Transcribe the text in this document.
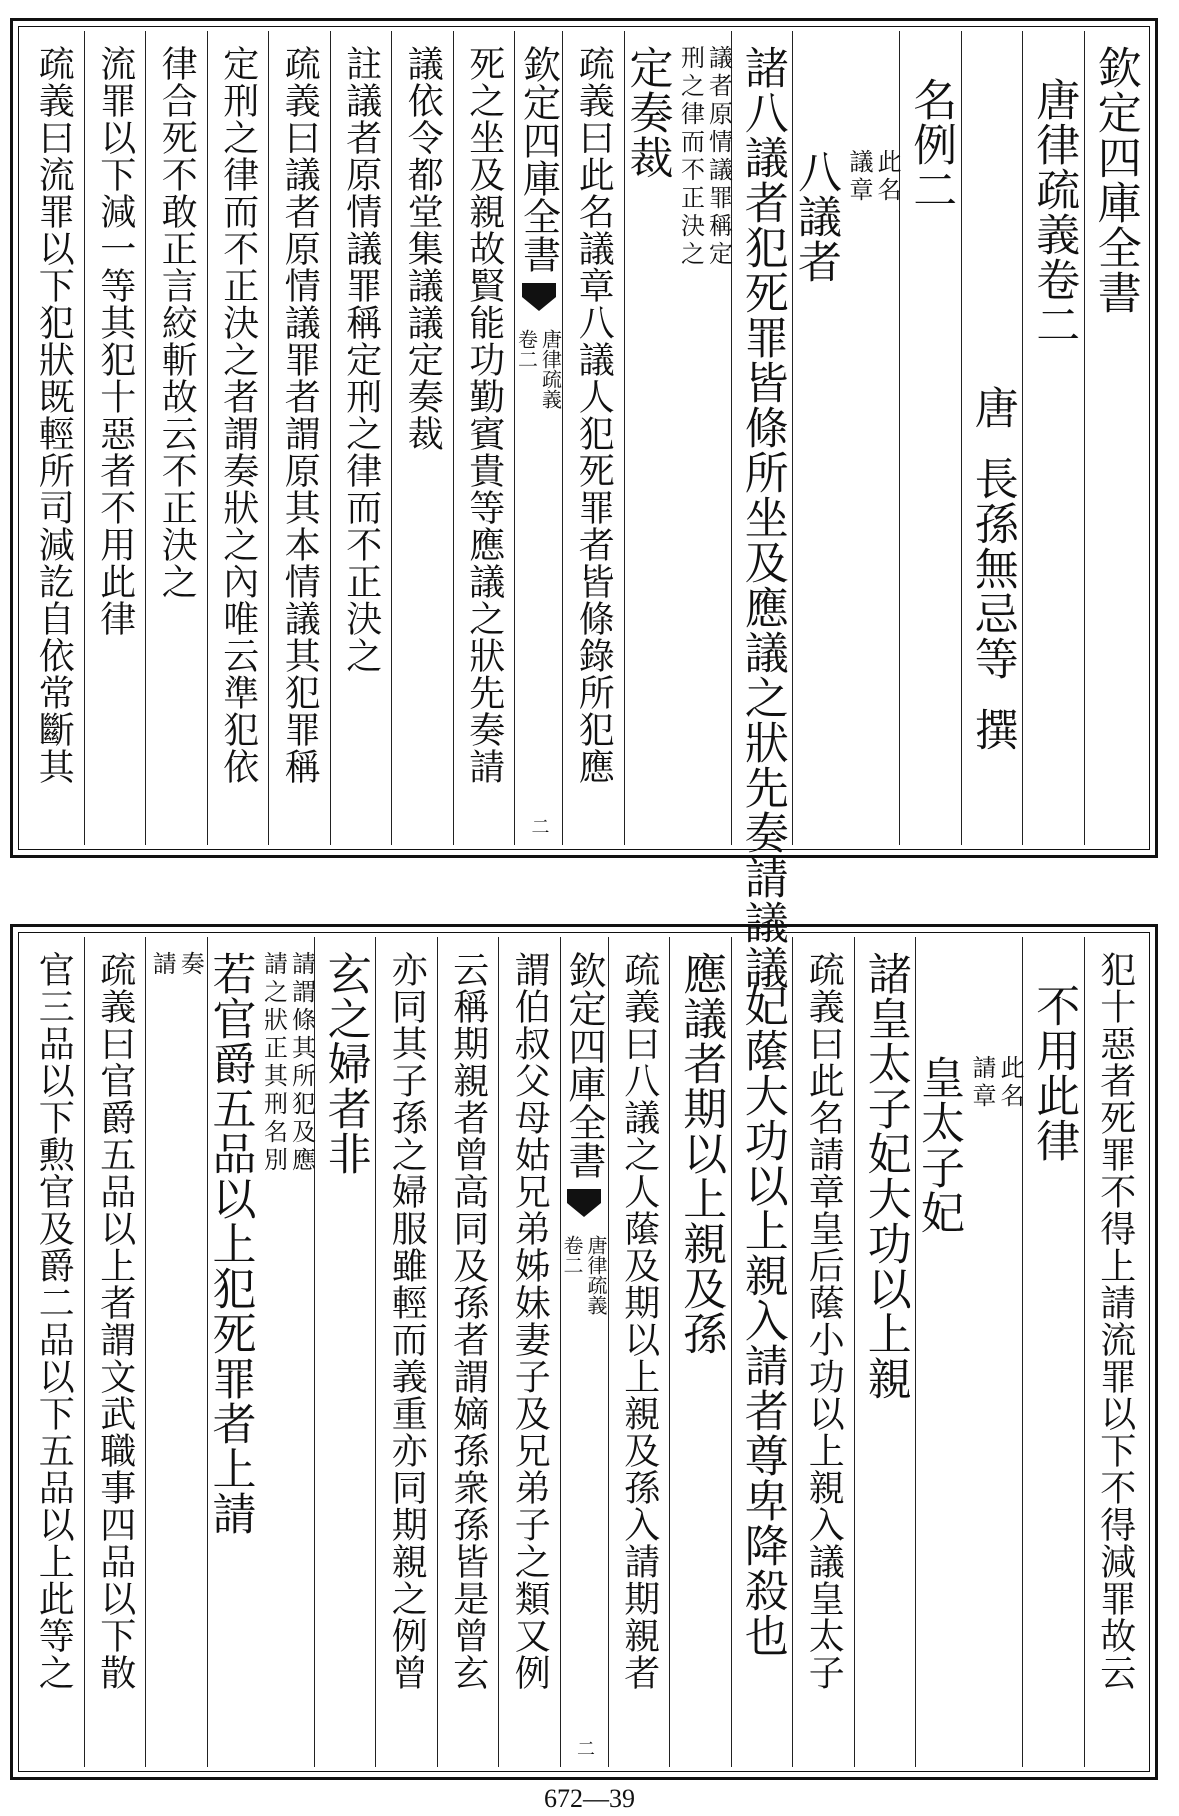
欽定四庫全書
唐律疏義卷二
唐
長孫無忌等
撰
名例二
八議者 此名
議章
諸八議者犯死罪皆條所坐及應議之狀先奏請議議
定奏裁 議者原情議罪稱定
刑之律而不正決之
疏義曰此名議章八議人犯死罪者皆條錄所犯應
欽定四庫全書
唐律疏義
卷二
二
死之坐及親故賢能功勤賓貴等應議之狀先奏請
議依令都堂集議議定奏裁
註議者原情議罪稱定刑之律而不正決之
疏義曰議者原情議罪者謂原其本情議其犯罪稱
定刑之律而不正決之者謂奏狀之內唯云準犯依
律合死不敢正言絞斬故云不正決之
流罪以下減一等其犯十惡者不用此律
疏義曰流罪以下犯狀既輕所司減訖自依常斷其
犯十惡者死罪不得上請流罪以下不得減罪故云
不用此律
皇太子妃 此名
請章
諸皇太子妃大功以上親
疏義曰此名請章皇后䕃小功以上親入議皇太子
妃䕃大功以上親入請者尊卑降殺也
應議者期以上親及孫
疏義曰八議之人䕃及期以上親及孫入請期親者
欽定四庫全書
唐律疏義
卷二
二
謂伯叔父母姑兄弟姊妹妻子及兄弟子之類又例
云稱期親者曾高同及孫者謂嫡孫衆孫皆是曾玄
亦同其子孫之婦服雖輕而義重亦同期親之例曾
玄之婦者非
若官爵五品以上犯死罪者上請 請謂條其所犯及應
請之狀正其刑名別
奏
請
疏義曰官爵五品以上者謂文武職事四品以下散
官三品以下勲官及爵二品以下五品以上此等之
672—39
